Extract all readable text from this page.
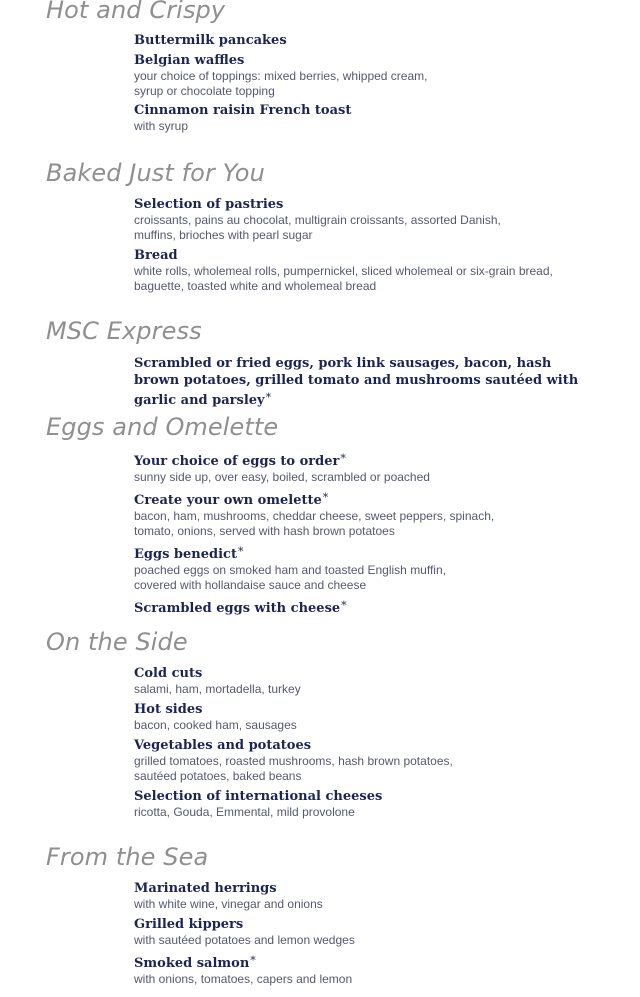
Hot and Crispy
Buttermilk pancakes
Belgian waffles
your choice of toppings: mixed berries, whipped cream,
syrup or chocolate topping
Cinnamon raisin French toast
with syrup
Baked Just for You
Selection of pastries
croissants, pains au chocolat, multigrain croissants, assorted Danish,
muffins, brioches with pearl sugar
Bread
white rolls, wholemeal rolls, pumpernickel, sliced wholemeal or six-grain bread,
baguette, toasted white and wholemeal bread
MSC Express
Scrambled or fried eggs, pork link sausages, bacon, hash brown potatoes, grilled tomato and mushrooms sautéed with garlic and parsley*
Eggs and Omelette
Your choice of eggs to order*
sunny side up, over easy, boiled, scrambled or poached
Create your own omelette*
bacon, ham, mushrooms, cheddar cheese, sweet peppers, spinach,
tomato, onions, served with hash brown potatoes
Eggs benedict*
poached eggs on smoked ham and toasted English muffin,
covered with hollandaise sauce and cheese
Scrambled eggs with cheese*
On the Side
Cold cuts
salami, ham, mortadella, turkey
Hot sides
bacon, cooked ham, sausages
Vegetables and potatoes
grilled tomatoes, roasted mushrooms, hash brown potatoes,
sautéed potatoes, baked beans
Selection of international cheeses
ricotta, Gouda, Emmental, mild provolone
From the Sea
Marinated herrings
with white wine, vinegar and onions
Grilled kippers
with sautéed potatoes and lemon wedges
Smoked salmon*
with onions, tomatoes, capers and lemon
